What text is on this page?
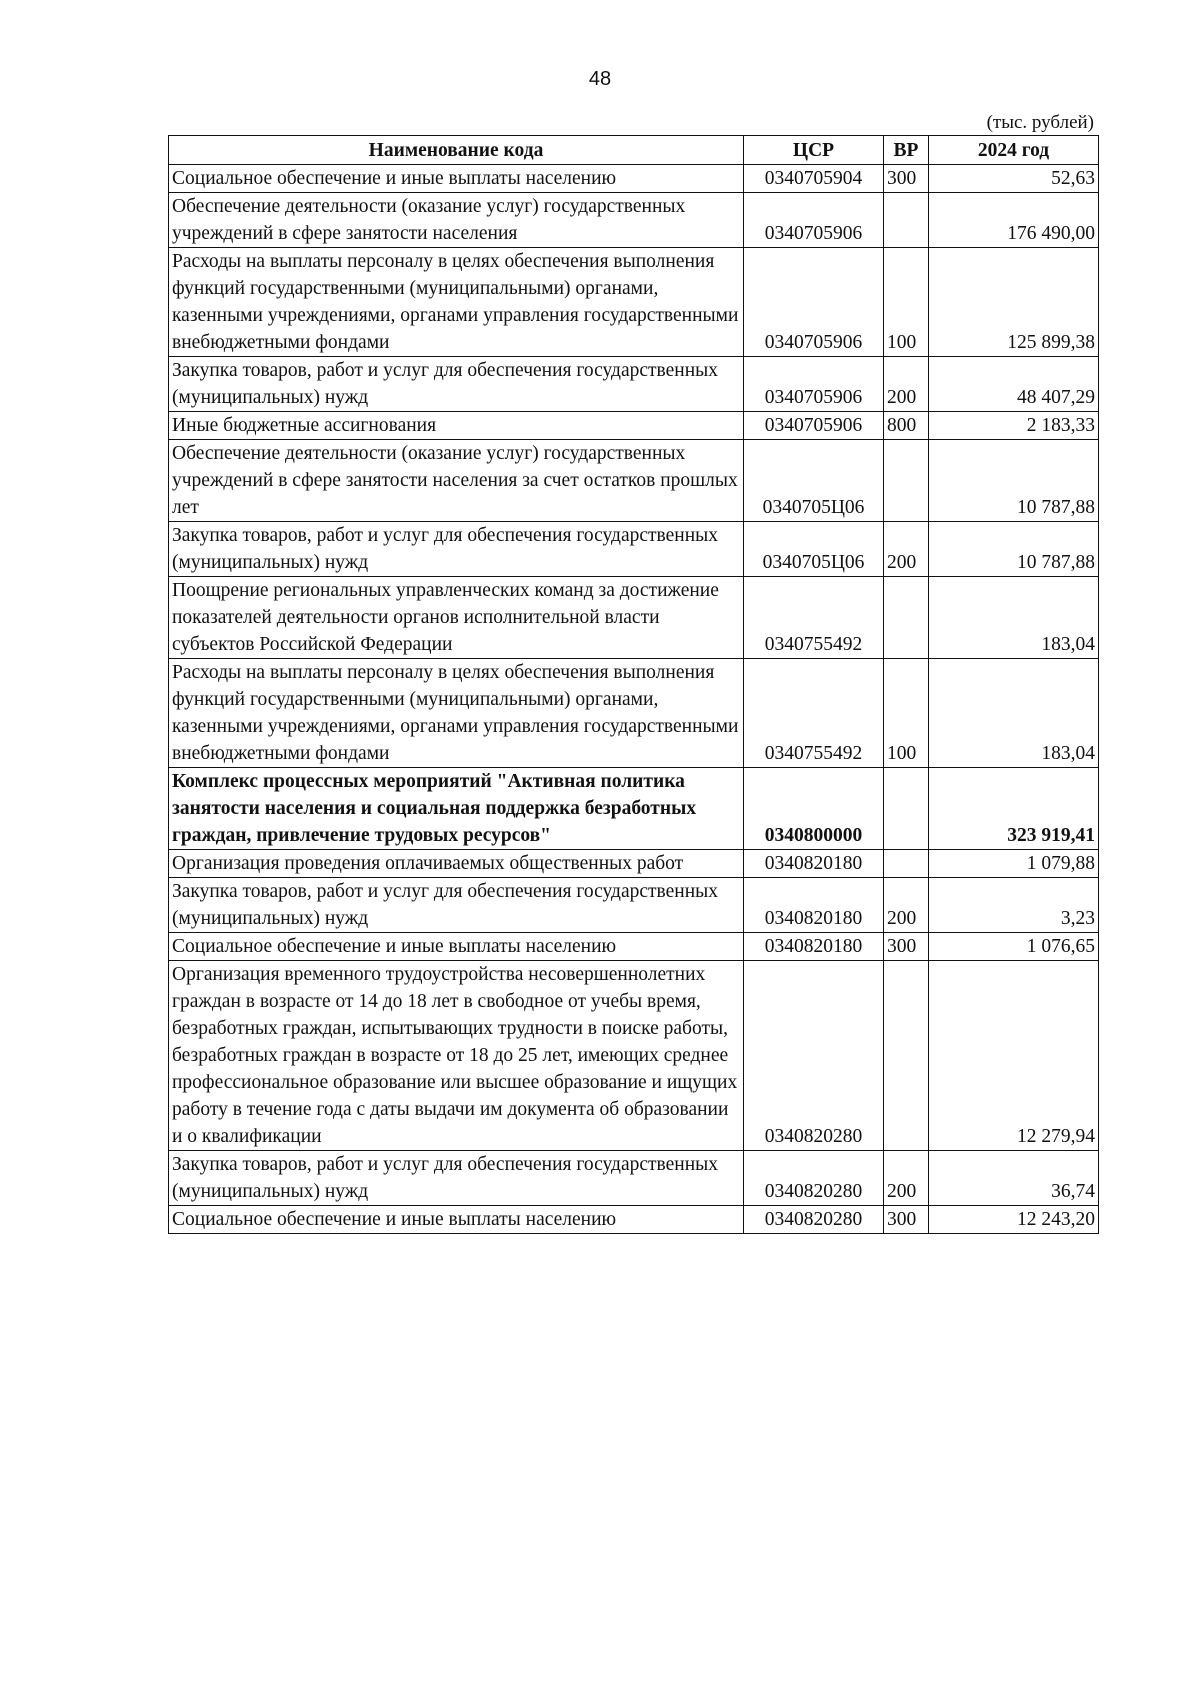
48
(тыс. рублей)
Наименование кода	ЦСР	ВР	2024 год
Социальное обеспечение и иные выплаты населению	0340705904	300	52,63
Обеспечение деятельности (оказание услуг) государственных учреждений в сфере занятости населения	0340705906		176 490,00
Расходы на выплаты персоналу в целях обеспечения выполнения функций государственными (муниципальными) органами, казенными учреждениями, органами управления государственными внебюджетными фондами	0340705906	100	125 899,38
Закупка товаров, работ и услуг для обеспечения государственных (муниципальных) нужд	0340705906	200	48 407,29
Иные бюджетные ассигнования	0340705906	800	2 183,33
Обеспечение деятельности (оказание услуг) государственных учреждений в сфере занятости населения за счет остатков прошлых лет	0340705Ц06		10 787,88
Закупка товаров, работ и услуг для обеспечения государственных (муниципальных) нужд	0340705Ц06	200	10 787,88
Поощрение региональных управленческих команд за достижение показателей деятельности органов исполнительной власти субъектов Российской Федерации	0340755492		183,04
Расходы на выплаты персоналу в целях обеспечения выполнения функций государственными (муниципальными) органами, казенными учреждениями, органами управления государственными внебюджетными фондами	0340755492	100	183,04
Комплекс процессных мероприятий "Активная политика занятости населения и социальная поддержка безработных граждан, привлечение трудовых ресурсов"	0340800000		323 919,41
Организация проведения оплачиваемых общественных работ	0340820180		1 079,88
Закупка товаров, работ и услуг для обеспечения государственных (муниципальных) нужд	0340820180	200	3,23
Социальное обеспечение и иные выплаты населению	0340820180	300	1 076,65
Организация временного трудоустройства несовершеннолетних граждан в возрасте от 14 до 18 лет в свободное от учебы время, безработных граждан, испытывающих трудности в поиске работы, безработных граждан в возрасте от 18 до 25 лет, имеющих среднее профессиональное образование или высшее образование и ищущих работу в течение года с даты выдачи им документа об образовании и о квалификации	0340820280		12 279,94
Закупка товаров, работ и услуг для обеспечения государственных (муниципальных) нужд	0340820280	200	36,74
Социальное обеспечение и иные выплаты населению	0340820280	300	12 243,20
